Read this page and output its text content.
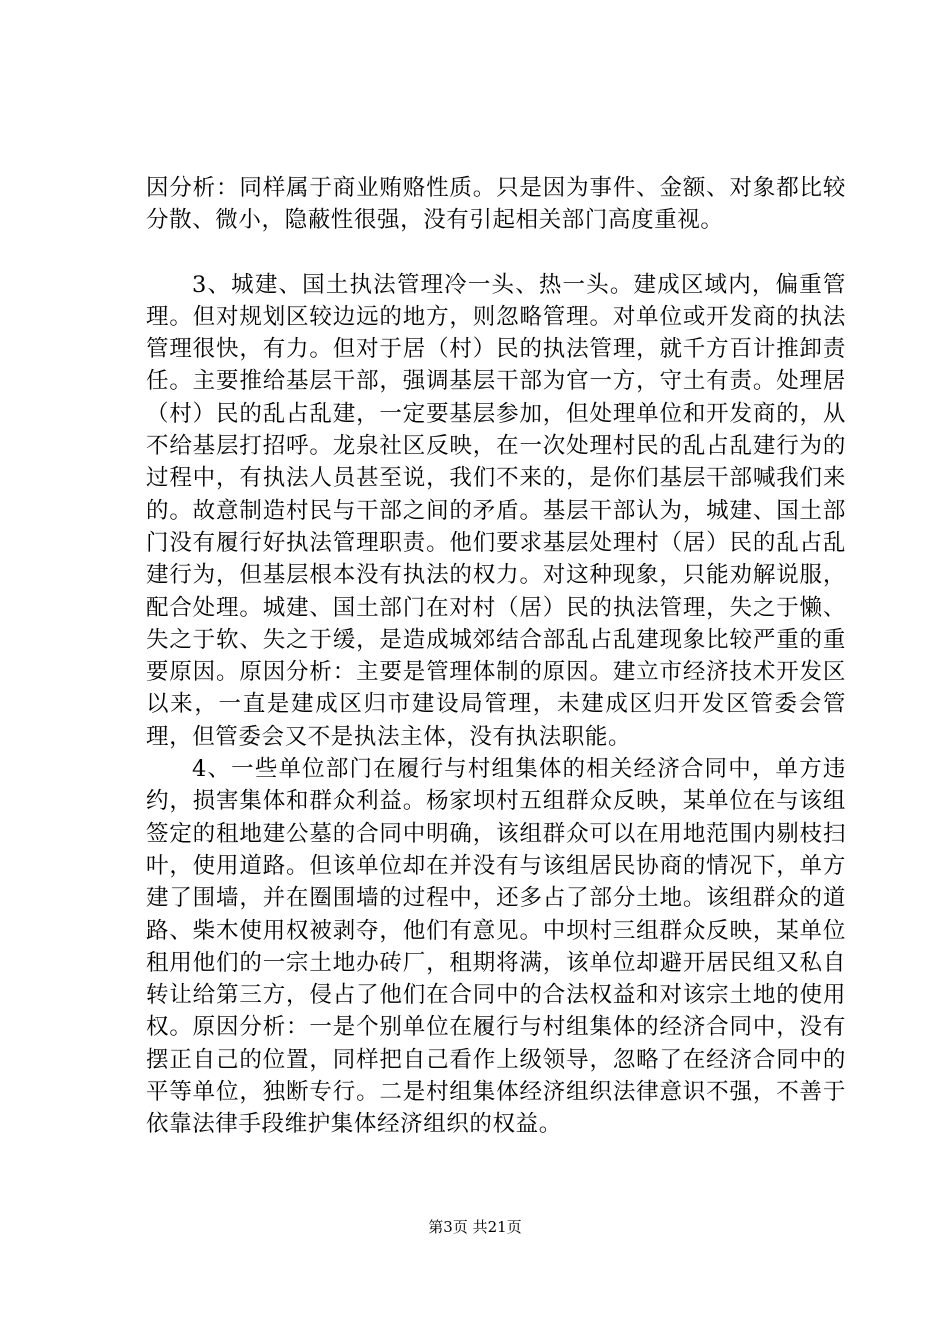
因分析：同样属于商业贿赂性质。只是因为事件、金额、对象都比较分散、微小，隐蔽性很强，没有引起相关部门高度重视。

3、城建、国土执法管理冷一头、热一头。建成区域内，偏重管理。但对规划区较边远的地方，则忽略管理。对单位或开发商的执法管理很快，有力。但对于居（村）民的执法管理，就千方百计推卸责任。主要推给基层干部，强调基层干部为官一方，守土有责。处理居（村）民的乱占乱建，一定要基层参加，但处理单位和开发商的，从不给基层打招呼。龙泉社区反映，在一次处理村民的乱占乱建行为的过程中，有执法人员甚至说，我们不来的，是你们基层干部喊我们来的。故意制造村民与干部之间的矛盾。基层干部认为，城建、国土部门没有履行好执法管理职责。他们要求基层处理村（居）民的乱占乱建行为，但基层根本没有执法的权力。对这种现象，只能劝解说服，配合处理。城建、国土部门在对村（居）民的执法管理，失之于懒、失之于软、失之于缓，是造成城郊结合部乱占乱建现象比较严重的重要原因。原因分析：主要是管理体制的原因。建立市经济技术开发区以来，一直是建成区归市建设局管理，未建成区归开发区管委会管理，但管委会又不是执法主体，没有执法职能。

4、一些单位部门在履行与村组集体的相关经济合同中，单方违约，损害集体和群众利益。杨家坝村五组群众反映，某单位在与该组签定的租地建公墓的合同中明确，该组群众可以在用地范围内剔枝扫叶，使用道路。但该单位却在并没有与该组居民协商的情况下，单方建了围墙，并在圈围墙的过程中，还多占了部分土地。该组群众的道路、柴木使用权被剥夺，他们有意见。中坝村三组群众反映，某单位租用他们的一宗土地办砖厂，租期将满，该单位却避开居民组又私自转让给第三方，侵占了他们在合同中的合法权益和对该宗土地的使用权。原因分析：一是个别单位在履行与村组集体的经济合同中，没有摆正自己的位置，同样把自己看作上级领导，忽略了在经济合同中的平等单位，独断专行。二是村组集体经济组织法律意识不强，不善于依靠法律手段维护集体经济组织的权益。

第3页 共21页
